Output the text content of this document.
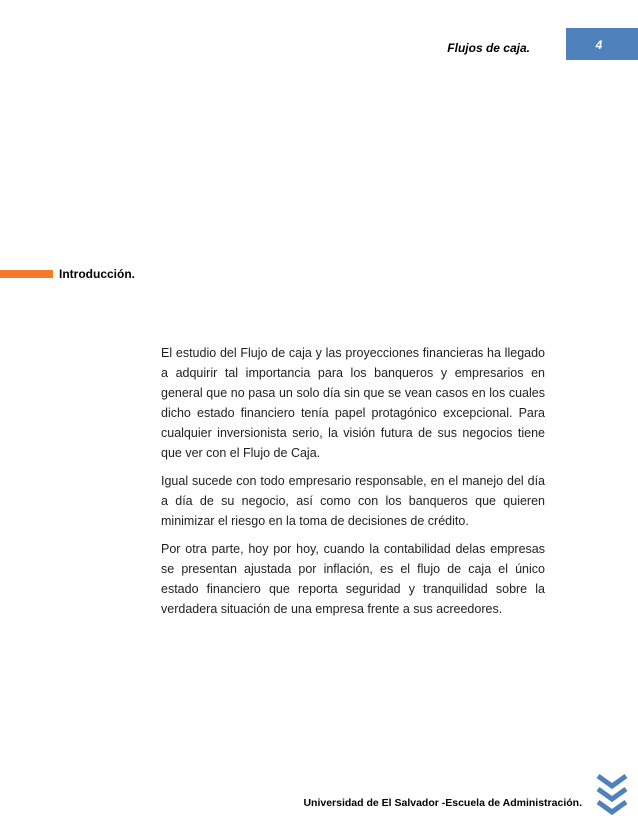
Flujos de caja.	4
Introducción.

El estudio del Flujo de caja y las proyecciones financieras ha llegado a adquirir tal importancia para los banqueros y empresarios en general que no pasa un solo día sin que se vean casos en los cuales dicho estado financiero tenía papel protagónico excepcional. Para cualquier inversionista serio, la visión futura de sus negocios tiene que ver con el Flujo de Caja.

Igual sucede con todo empresario responsable, en el manejo del día a día de su negocio, así como con los banqueros que quieren minimizar el riesgo en la toma de decisiones de crédito.

Por otra parte, hoy por hoy, cuando la contabilidad delas empresas se presentan ajustada por inflación, es el flujo de caja el único estado financiero que reporta seguridad y tranquilidad sobre la verdadera situación de una empresa frente a sus acreedores.

Universidad de El Salvador -Escuela de Administración.
